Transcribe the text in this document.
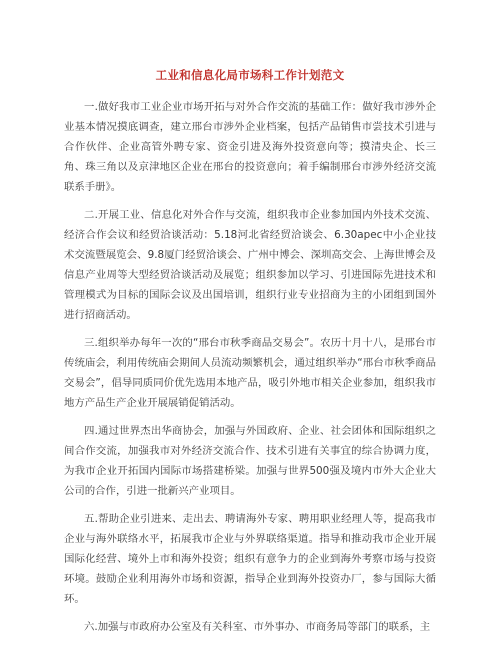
工业和信息化局市场科工作计划范文

一.做好我市工业企业市场开拓与对外合作交流的基础工作：做好我市涉外企业基本情况摸底调查，建立邢台市涉外企业档案，包括产品销售市尝技术引进与合作伙伴、企业高管外聘专家、资金引进及海外投资意向等；摸清央企、长三角、珠三角以及京津地区企业在邢台的投资意向；着手编制邢台市涉外经济交流联系手册》。

二.开展工业、信息化对外合作与交流，组织我市企业参加国内外技术交流、经济合作会议和经贸洽谈活动：5.18河北省经贸洽谈会、6.30apec中小企业技术交流暨展览会、9.8厦门经贸洽谈会、广州中博会、深圳高交会、上海世博会及信息产业周等大型经贸洽谈活动及展览；组织参加以学习、引进国际先进技术和管理模式为目标的国际会议及出国培训，组织行业专业招商为主的小团组到国外进行招商活动。

三.组织举办每年一次的“邢台市秋季商品交易会”。农历十月十八，是邢台市传统庙会，利用传统庙会期间人员流动频繁机会，通过组织举办“邢台市秋季商品交易会”，倡导同质同价优先选用本地产品，吸引外地市相关企业参加，组织我市地方产品生产企业开展展销促销活动。

四.通过世界杰出华商协会，加强与外国政府、企业、社会团体和国际组织之间合作交流，加强我市对外经济交流合作、技术引进有关事宜的综合协调力度，为我市企业开拓国内国际市场搭建桥梁。加强与世界500强及境内市外大企业大公司的合作，引进一批新兴产业项目。

五.帮助企业引进来、走出去、聘请海外专家、聘用职业经理人等，提高我市企业与海外联络水平，拓展我市企业与外界联络渠道。指导和推动我市企业开展国际化经营、境外上市和海外投资；组织有意争力的企业到海外考察市场与投资环境。鼓励企业利用海外市场和资源，指导企业到海外投资办厂，参与国际大循环。

六.加强与市政府办公室及有关科室、市外事办、市商务局等部门的联系，主
